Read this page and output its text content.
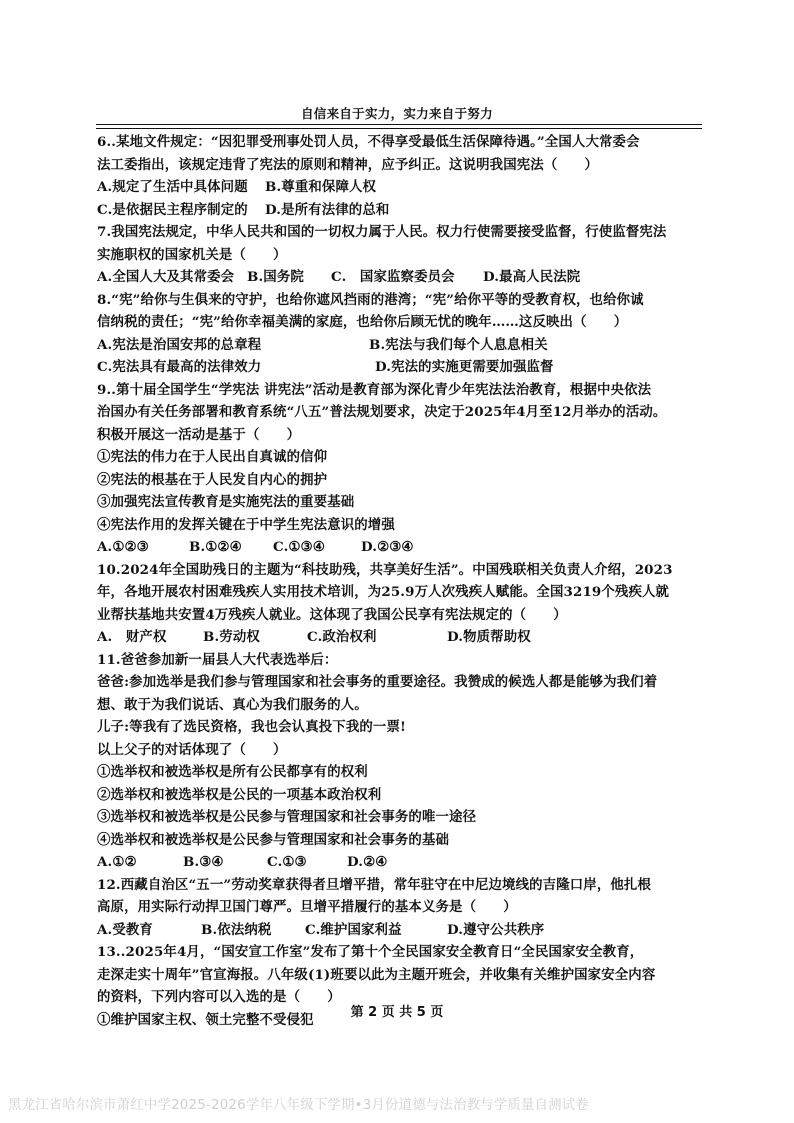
自信来自于实力，实力来自于努力
6..某地文件规定：“因犯罪受刑事处罚人员，不得享受最低生活保障待遇。”全国人大常委会
法工委指出，该规定违背了宪法的原则和精神，应予纠正。这说明我国宪法（　　）
A.规定了生活中具体问题	B.尊重和保障人权
C.是依据民主程序制定的	D.是所有法律的总和
7.我国宪法规定，中华人民共和国的一切权力属于人民。权力行使需要接受监督，行使监督宪法
实施职权的国家机关是（　　）
A.全国人大及其常委会 B.国务院	C.　国家监察委员会	D.最高人民法院
8.“宪”给你与生俱来的守护，也给你遮风挡雨的港湾；“宪”给你平等的受教育权，也给你诚
信纳税的责任；“宪”给你幸福美满的家庭，也给你后顾无忧的晚年……这反映出（　　）
A.宪法是治国安邦的总章程	B.宪法与我们每个人息息相关
C.宪法具有最高的法律效力	D.宪法的实施更需要加强监督
9..第十届全国学生“学宪法 讲宪法”活动是教育部为深化青少年宪法法治教育，根据中央依法
治国办有关任务部署和教育系统“八五”普法规划要求，决定于2025年4月至12月举办的活动。
积极开展这一活动是基于（　　）
①宪法的伟力在于人民出自真诚的信仰
②宪法的根基在于人民发自内心的拥护
③加强宪法宣传教育是实施宪法的重要基础
④宪法作用的发挥关键在于中学生宪法意识的增强
A.①②③	B.①②④	C.①③④	D.②③④
10.2024年全国助残日的主题为“科技助残，共享美好生活”。中国残联相关负责人介绍，2023
年，各地开展农村困难残疾人实用技术培训，为25.9万人次残疾人赋能。全国3219个残疾人就
业帮扶基地共安置4万残疾人就业。这体现了我国公民享有宪法规定的（　　）
A.　财产权	B.劳动权	C.政治权利	D.物质帮助权
11.爸爸参加新一届县人大代表选举后：
爸爸:参加选举是我们参与管理国家和社会事务的重要途径。我赞成的候选人都是能够为我们着
想、敢于为我们说话、真心为我们服务的人。
儿子:等我有了选民资格，我也会认真投下我的一票!
以上父子的对话体现了（　　）
①选举权和被选举权是所有公民都享有的权利
②选举权和被选举权是公民的一项基本政治权利
③选举权和被选举权是公民参与管理国家和社会事务的唯一途径
④选举权和被选举权是公民参与管理国家和社会事务的基础
A.①②	B.③④	C.①③	D.②④
12.西藏自治区“五一”劳动奖章获得者旦增平措，常年驻守在中尼边境线的吉隆口岸，他扎根
高原，用实际行动捍卫国门尊严。旦增平措履行的基本义务是（　　）
A.受教育	B.依法纳税	C.维护国家利益	D.遵守公共秩序
13..2025年4月，“国安宣工作室”发布了第十个全民国家安全教育日“全民国家安全教育，
走深走实十周年”官宣海报。八年级(1)班要以此为主题开班会，并收集有关维护国家安全内容
的资料，下列内容可以入选的是（　　）
①维护国家主权、领土完整不受侵犯	第 2 页 共 5 页
黑龙江省哈尔滨市萧红中学2025-2026学年八年级下学期•3月份道德与法治教与学质量自测试卷
